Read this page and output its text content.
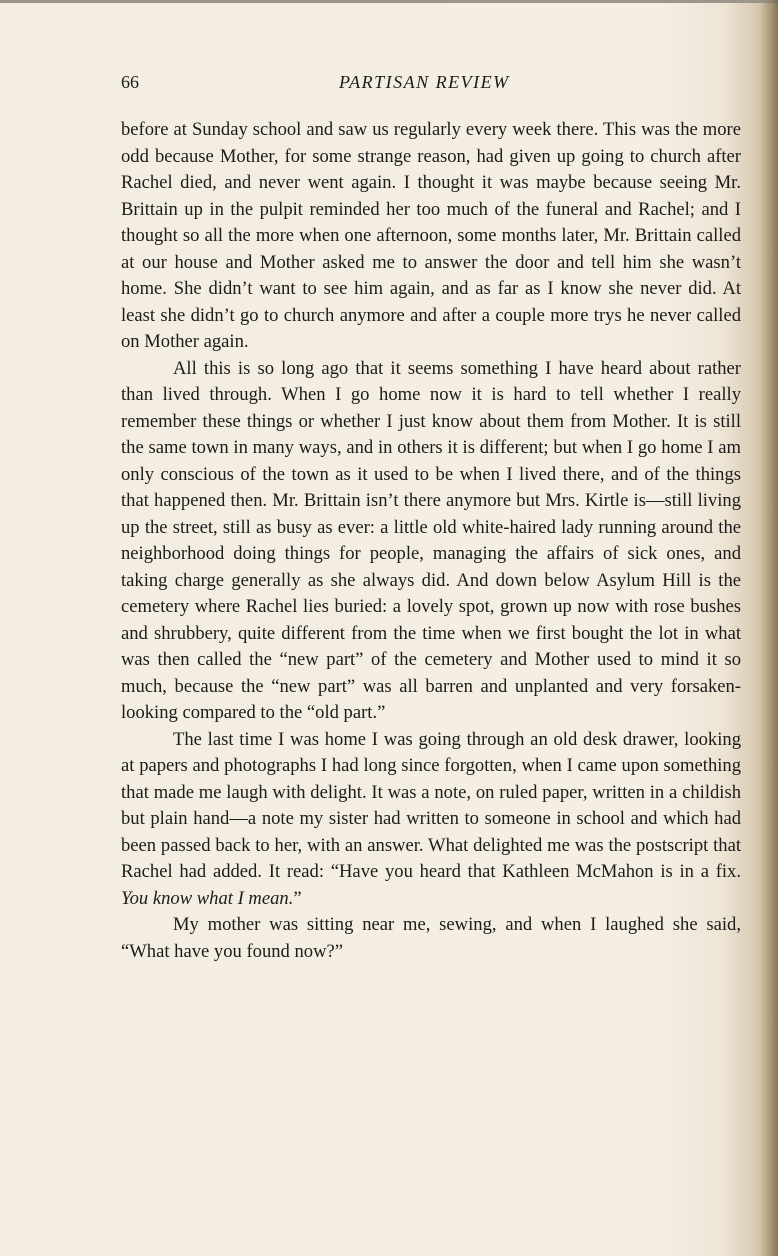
66	PARTISAN REVIEW

before at Sunday school and saw us regularly every week there. This was the more odd because Mother, for some strange reason, had given up going to church after Rachel died, and never went again. I thought it was maybe because seeing Mr. Brittain up in the pulpit reminded her too much of the funeral and Rachel; and I thought so all the more when one afternoon, some months later, Mr. Brittain called at our house and Mother asked me to answer the door and tell him she wasn’t home. She didn’t want to see him again, and as far as I know she never did. At least she didn’t go to church anymore and after a couple more trys he never called on Mother again.

All this is so long ago that it seems something I have heard about rather than lived through. When I go home now it is hard to tell whether I really remember these things or whether I just know about them from Mother. It is still the same town in many ways, and in others it is different; but when I go home I am only conscious of the town as it used to be when I lived there, and of the things that happened then. Mr. Brittain isn’t there anymore but Mrs. Kirtle is—still living up the street, still as busy as ever: a little old white-haired lady running around the neighborhood doing things for people, managing the affairs of sick ones, and taking charge generally as she always did. And down below Asylum Hill is the cemetery where Rachel lies buried: a lovely spot, grown up now with rose bushes and shrubbery, quite different from the time when we first bought the lot in what was then called the “new part” of the cemetery and Mother used to mind it so much, because the “new part” was all barren and unplanted and very forsaken-looking compared to the “old part.”

The last time I was home I was going through an old desk drawer, looking at papers and photographs I had long since forgotten, when I came upon something that made me laugh with delight. It was a note, on ruled paper, written in a childish but plain hand—a note my sister had written to someone in school and which had been passed back to her, with an answer. What delighted me was the postscript that Rachel had added. It read: “Have you heard that Kathleen McMahon is in a fix. You know what I mean.”

My mother was sitting near me, sewing, and when I laughed she said, “What have you found now?”
